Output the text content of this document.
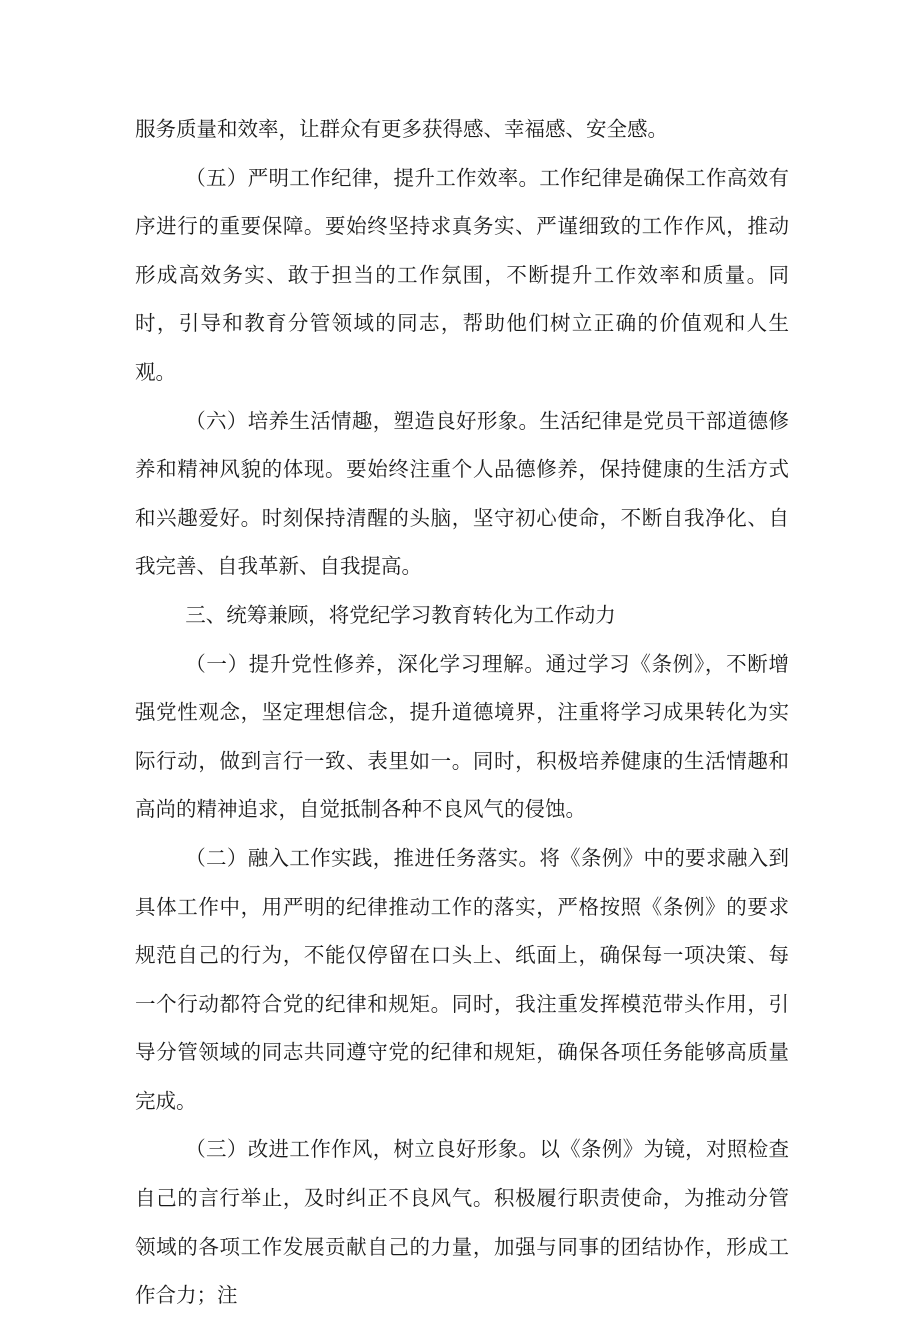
服务质量和效率，让群众有更多获得感、幸福感、安全感。

（五）严明工作纪律，提升工作效率。工作纪律是确保工作高效有序进行的重要保障。要始终坚持求真务实、严谨细致的工作作风，推动形成高效务实、敢于担当的工作氛围，不断提升工作效率和质量。同时，引导和教育分管领域的同志，帮助他们树立正确的价值观和人生观。

（六）培养生活情趣，塑造良好形象。生活纪律是党员干部道德修养和精神风貌的体现。要始终注重个人品德修养，保持健康的生活方式和兴趣爱好。时刻保持清醒的头脑，坚守初心使命，不断自我净化、自我完善、自我革新、自我提高。

三、统筹兼顾，将党纪学习教育转化为工作动力

（一）提升党性修养，深化学习理解。通过学习《条例》，不断增强党性观念，坚定理想信念，提升道德境界，注重将学习成果转化为实际行动，做到言行一致、表里如一。同时，积极培养健康的生活情趣和高尚的精神追求，自觉抵制各种不良风气的侵蚀。

（二）融入工作实践，推进任务落实。将《条例》中的要求融入到具体工作中，用严明的纪律推动工作的落实，严格按照《条例》的要求规范自己的行为，不能仅停留在口头上、纸面上，确保每一项决策、每一个行动都符合党的纪律和规矩。同时，我注重发挥模范带头作用，引导分管领域的同志共同遵守党的纪律和规矩，确保各项任务能够高质量完成。

（三）改进工作作风，树立良好形象。以《条例》为镜，对照检查自己的言行举止，及时纠正不良风气。积极履行职责使命，为推动分管领域的各项工作发展贡献自己的力量，加强与同事的团结协作，形成工作合力；注
